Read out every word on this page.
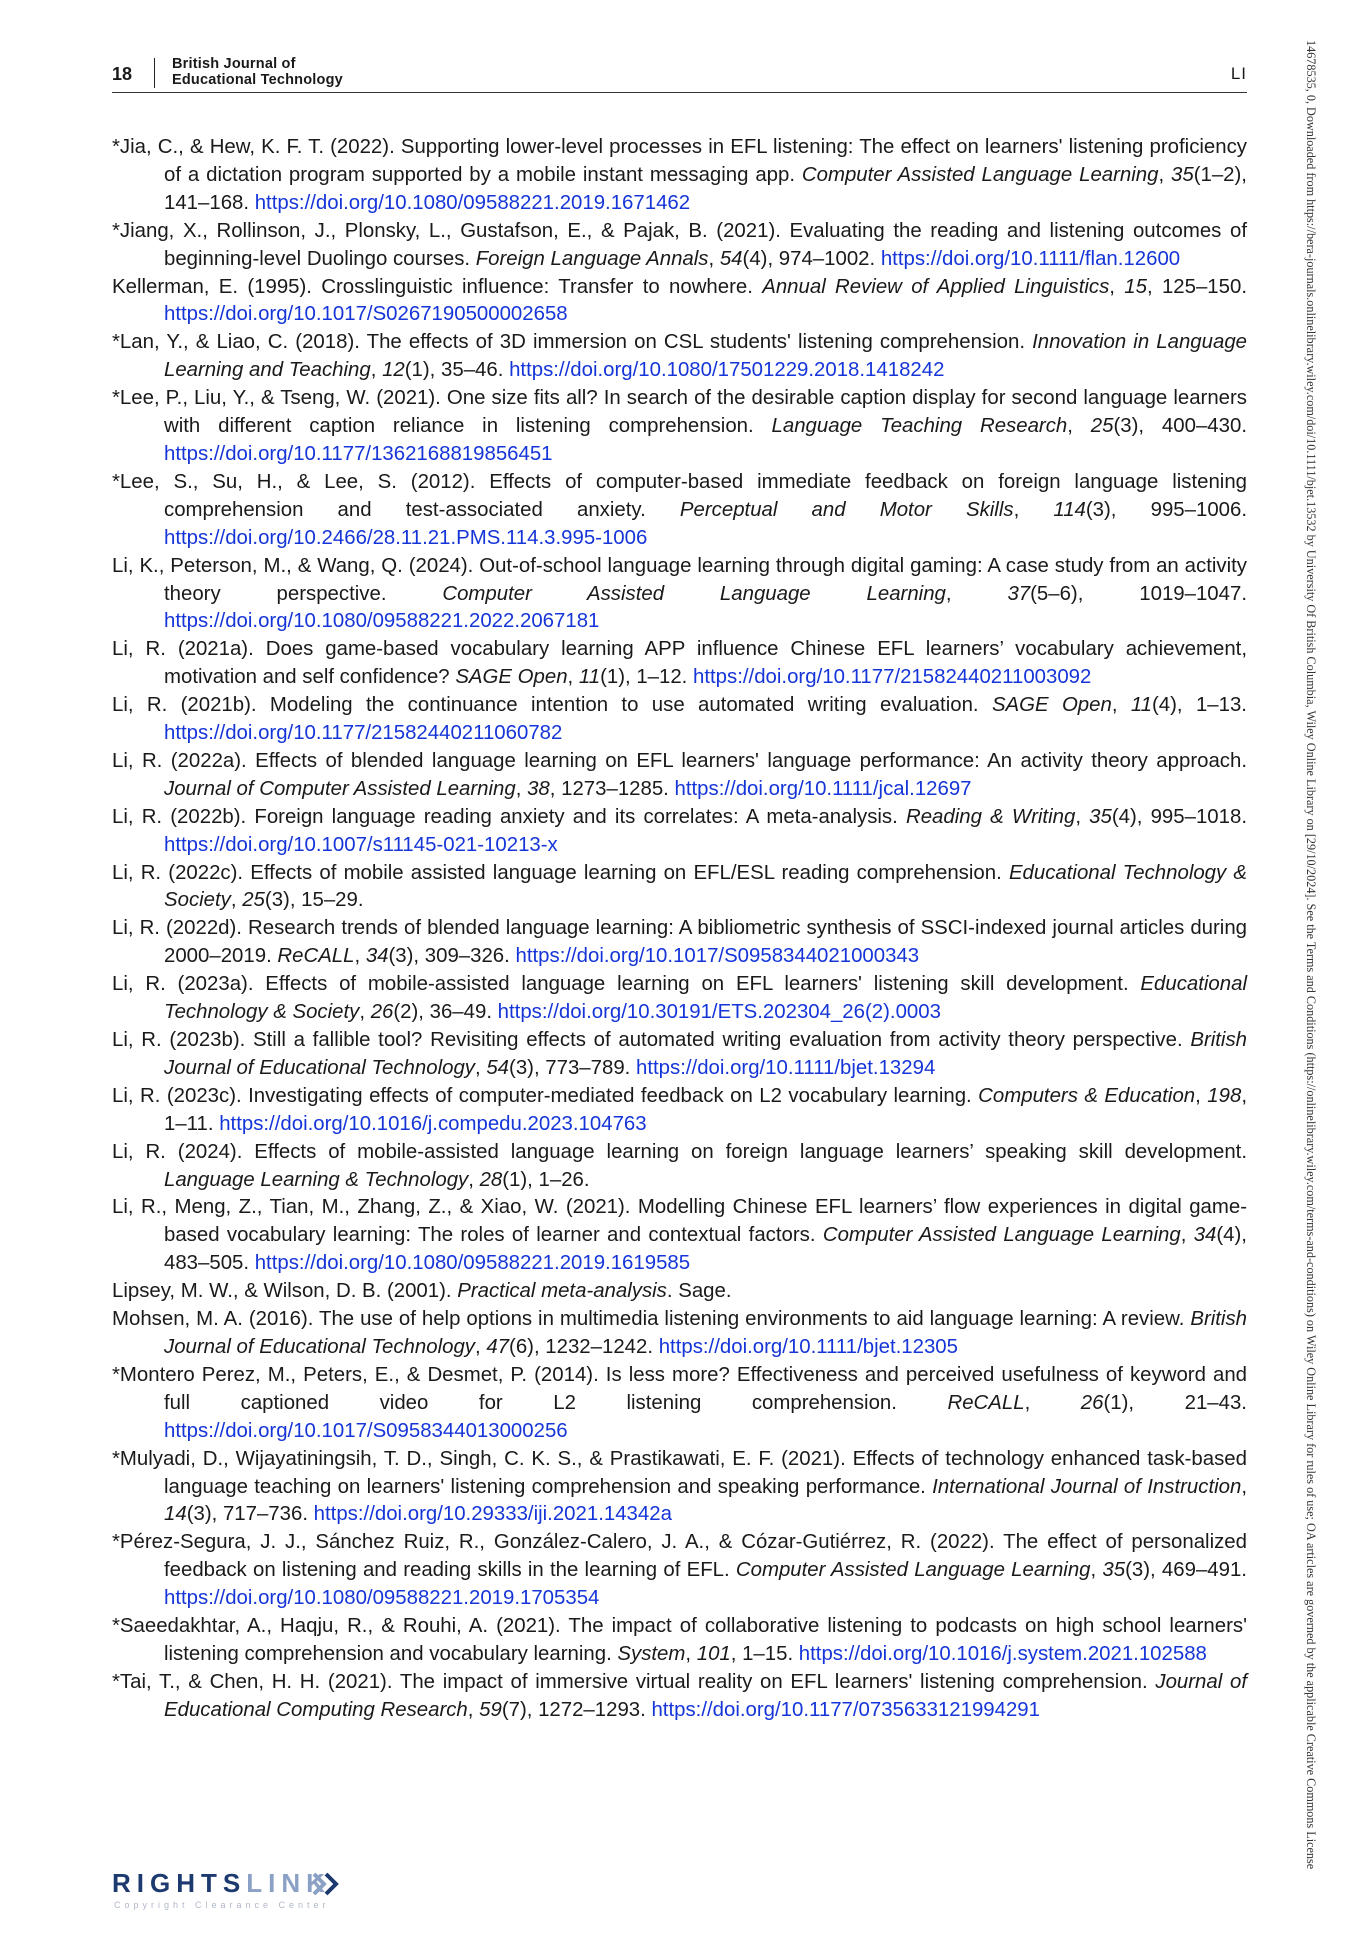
18	British Journal of
Educational Technology	LI

*Jia, C., & Hew, K. F. T. (2022). Supporting lower-level processes in EFL listening: The effect on learners' listening proficiency of a dictation program supported by a mobile instant messaging app. Computer Assisted Language Learning, 35(1–2), 141–168. https://doi.org/10.1080/09588221.2019.1671462

*Jiang, X., Rollinson, J., Plonsky, L., Gustafson, E., & Pajak, B. (2021). Evaluating the reading and listening outcomes of beginning-level Duolingo courses. Foreign Language Annals, 54(4), 974–1002. https://doi.org/10.1111/flan.12600

Kellerman, E. (1995). Crosslinguistic influence: Transfer to nowhere. Annual Review of Applied Linguistics, 15, 125–150. https://doi.org/10.1017/S0267190500002658

*Lan, Y., & Liao, C. (2018). The effects of 3D immersion on CSL students' listening comprehension. Innovation in Language Learning and Teaching, 12(1), 35–46. https://doi.org/10.1080/17501229.2018.1418242

*Lee, P., Liu, Y., & Tseng, W. (2021). One size fits all? In search of the desirable caption display for second language learners with different caption reliance in listening comprehension. Language Teaching Research, 25(3), 400–430. https://doi.org/10.1177/1362168819856451

*Lee, S., Su, H., & Lee, S. (2012). Effects of computer-based immediate feedback on foreign language listening comprehension and test-associated anxiety. Perceptual and Motor Skills, 114(3), 995–1006. https://doi.org/10.2466/28.11.21.PMS.114.3.995-1006

Li, K., Peterson, M., & Wang, Q. (2024). Out-of-school language learning through digital gaming: A case study from an activity theory perspective. Computer Assisted Language Learning, 37(5–6), 1019–1047. https://doi.org/10.1080/09588221.2022.2067181

Li, R. (2021a). Does game-based vocabulary learning APP influence Chinese EFL learners’ vocabulary achievement, motivation and self confidence? SAGE Open, 11(1), 1–12. https://doi.org/10.1177/21582440211003092

Li, R. (2021b). Modeling the continuance intention to use automated writing evaluation. SAGE Open, 11(4), 1–13. https://doi.org/10.1177/21582440211060782

Li, R. (2022a). Effects of blended language learning on EFL learners' language performance: An activity theory approach. Journal of Computer Assisted Learning, 38, 1273–1285. https://doi.org/10.1111/jcal.12697

Li, R. (2022b). Foreign language reading anxiety and its correlates: A meta-analysis. Reading & Writing, 35(4), 995–1018. https://doi.org/10.1007/s11145-021-10213-x

Li, R. (2022c). Effects of mobile assisted language learning on EFL/ESL reading comprehension. Educational Technology & Society, 25(3), 15–29.

Li, R. (2022d). Research trends of blended language learning: A bibliometric synthesis of SSCI-indexed journal articles during 2000–2019. ReCALL, 34(3), 309–326. https://doi.org/10.1017/S0958344021000343

Li, R. (2023a). Effects of mobile-assisted language learning on EFL learners' listening skill development. Educational Technology & Society, 26(2), 36–49. https://doi.org/10.30191/ETS.202304_26(2).0003

Li, R. (2023b). Still a fallible tool? Revisiting effects of automated writing evaluation from activity theory perspective. British Journal of Educational Technology, 54(3), 773–789. https://doi.org/10.1111/bjet.13294

Li, R. (2023c). Investigating effects of computer-mediated feedback on L2 vocabulary learning. Computers & Education, 198, 1–11. https://doi.org/10.1016/j.compedu.2023.104763

Li, R. (2024). Effects of mobile-assisted language learning on foreign language learners’ speaking skill development. Language Learning & Technology, 28(1), 1–26.

Li, R., Meng, Z., Tian, M., Zhang, Z., & Xiao, W. (2021). Modelling Chinese EFL learners’ flow experiences in digital game-based vocabulary learning: The roles of learner and contextual factors. Computer Assisted Language Learning, 34(4), 483–505. https://doi.org/10.1080/09588221.2019.1619585

Lipsey, M. W., & Wilson, D. B. (2001). Practical meta-analysis. Sage.

Mohsen, M. A. (2016). The use of help options in multimedia listening environments to aid language learning: A review. British Journal of Educational Technology, 47(6), 1232–1242. https://doi.org/10.1111/bjet.12305

*Montero Perez, M., Peters, E., & Desmet, P. (2014). Is less more? Effectiveness and perceived usefulness of keyword and full captioned video for L2 listening comprehension. ReCALL, 26(1), 21–43. https://doi.org/10.1017/S0958344013000256

*Mulyadi, D., Wijayatiningsih, T. D., Singh, C. K. S., & Prastikawati, E. F. (2021). Effects of technology enhanced task-based language teaching on learners' listening comprehension and speaking performance. International Journal of Instruction, 14(3), 717–736. https://doi.org/10.29333/iji.2021.14342a

*Pérez-Segura, J. J., Sánchez Ruiz, R., González-Calero, J. A., & Cózar-Gutiérrez, R. (2022). The effect of personalized feedback on listening and reading skills in the learning of EFL. Computer Assisted Language Learning, 35(3), 469–491. https://doi.org/10.1080/09588221.2019.1705354

*Saeedakhtar, A., Haqju, R., & Rouhi, A. (2021). The impact of collaborative listening to podcasts on high school learners' listening comprehension and vocabulary learning. System, 101, 1–15. https://doi.org/10.1016/j.system.2021.102588

*Tai, T., & Chen, H. H. (2021). The impact of immersive virtual reality on EFL learners' listening comprehension. Journal of Educational Computing Research, 59(7), 1272–1293. https://doi.org/10.1177/0735633121994291	14678535, 0, Downloaded from https://bera-journals.onlinelibrary.wiley.com/doi/10.1111/bjet.13532 by University Of British Columbia, Wiley Online Library on [29/10/2024]. See the Terms and Conditions (https://onlinelibrary.wiley.com/terms-and-conditions) on Wiley Online Library for rules of use; OA articles are governed by the applicable Creative Commons License
RIGHTSLINK
Copyright Clearance Center
